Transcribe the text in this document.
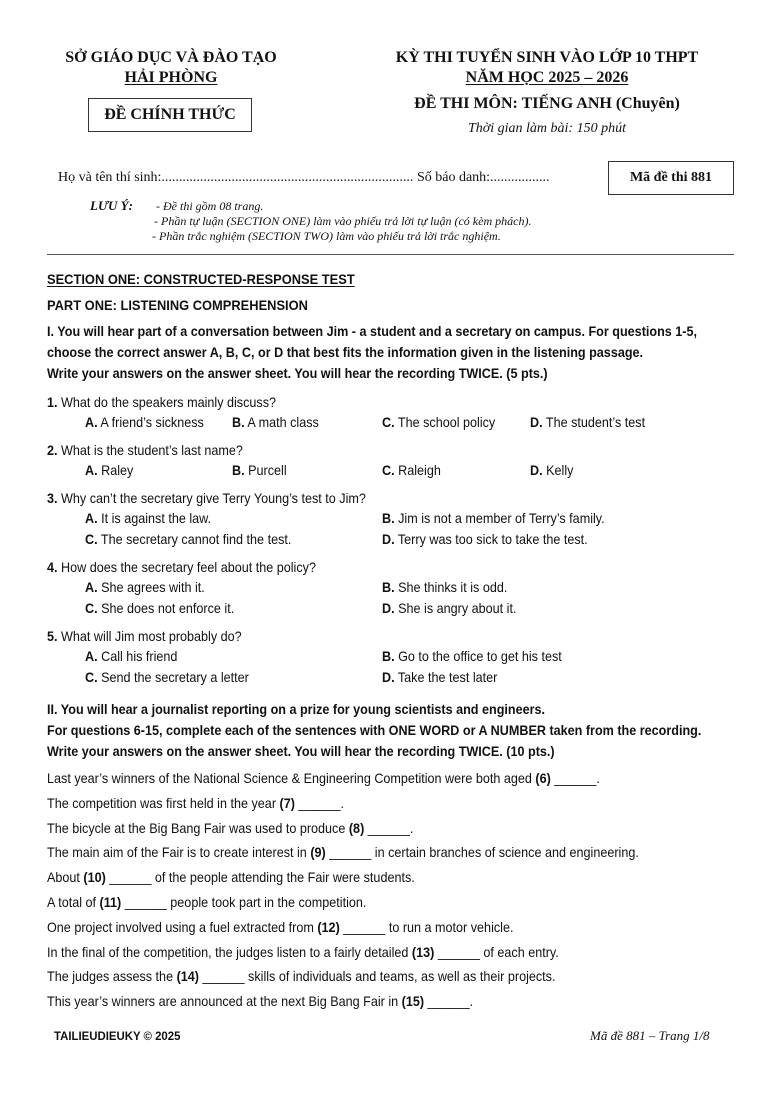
SỞ GIÁO DỤC VÀ ĐÀO TẠO
HẢI PHÒNG
ĐỀ CHÍNH THỨC
KỲ THI TUYỂN SINH VÀO LỚP 10 THPT
NĂM HỌC 2025 – 2026
ĐỀ THI MÔN: TIẾNG ANH (Chuyên)
Thời gian làm bài: 150 phút
Họ và tên thí sinh:........................................................................ Số báo danh:.................	Mã đề thi 881
LƯU Ý: - Đề thi gồm 08 trang.
- Phần tự luận (SECTION ONE) làm vào phiếu trả lời tự luận (có kèm phách).
- Phần trắc nghiệm (SECTION TWO) làm vào phiếu trả lời trắc nghiệm.
SECTION ONE: CONSTRUCTED-RESPONSE TEST
PART ONE: LISTENING COMPREHENSION
I. You will hear part of a conversation between Jim - a student and a secretary on campus. For questions 1-5,
choose the correct answer A, B, C, or D that best fits the information given in the listening passage.
Write your answers on the answer sheet. You will hear the recording TWICE. (5 pts.)
1. What do the speakers mainly discuss?
A. A friend’s sickness	B. A math class	C. The school policy	D. The student’s test
2. What is the student’s last name?
A. Raley	B. Purcell	C. Raleigh	D. Kelly
3. Why can’t the secretary give Terry Young’s test to Jim?
A. It is against the law.	B. Jim is not a member of Terry’s family.
C. The secretary cannot find the test.	D. Terry was too sick to take the test.
4. How does the secretary feel about the policy?
A. She agrees with it.	B. She thinks it is odd.
C. She does not enforce it.	D. She is angry about it.
5. What will Jim most probably do?
A. Call his friend	B. Go to the office to get his test
C. Send the secretary a letter	D. Take the test later
II. You will hear a journalist reporting on a prize for young scientists and engineers.
For questions 6-15, complete each of the sentences with ONE WORD or A NUMBER taken from the recording.
Write your answers on the answer sheet. You will hear the recording TWICE. (10 pts.)
Last year’s winners of the National Science & Engineering Competition were both aged (6) ______.
The competition was first held in the year (7) ______.
The bicycle at the Big Bang Fair was used to produce (8) ______.
The main aim of the Fair is to create interest in (9) ______ in certain branches of science and engineering.
About (10) ______ of the people attending the Fair were students.
A total of (11) ______ people took part in the competition.
One project involved using a fuel extracted from (12) ______ to run a motor vehicle.
In the final of the competition, the judges listen to a fairly detailed (13) ______ of each entry.
The judges assess the (14) ______ skills of individuals and teams, as well as their projects.
This year’s winners are announced at the next Big Bang Fair in (15) ______.
TAILIEUDIEUKY © 2025	Mã đề 881 – Trang 1/8
